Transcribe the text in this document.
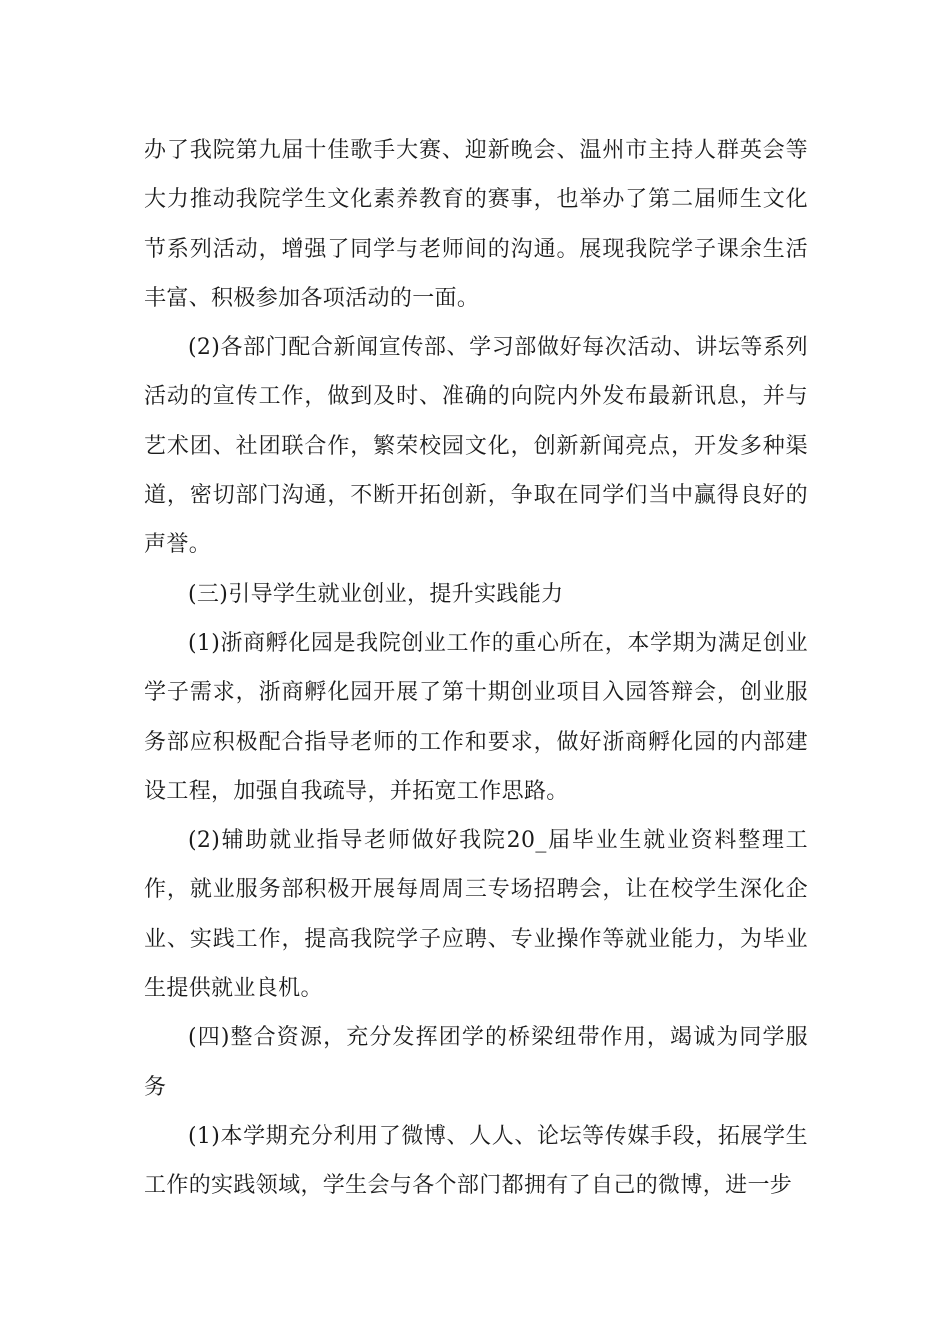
办了我院第九届十佳歌手大赛、迎新晚会、温州市主持人群英会等大力推动我院学生文化素养教育的赛事，也举办了第二届师生文化节系列活动，增强了同学与老师间的沟通。展现我院学子课余生活丰富、积极参加各项活动的一面。

(2)各部门配合新闻宣传部、学习部做好每次活动、讲坛等系列活动的宣传工作，做到及时、准确的向院内外发布最新讯息，并与艺术团、社团联合作，繁荣校园文化，创新新闻亮点，开发多种渠道，密切部门沟通，不断开拓创新，争取在同学们当中赢得良好的声誉。

(三)引导学生就业创业，提升实践能力

(1)浙商孵化园是我院创业工作的重心所在，本学期为满足创业学子需求，浙商孵化园开展了第十期创业项目入园答辩会，创业服务部应积极配合指导老师的工作和要求，做好浙商孵化园的内部建设工程，加强自我疏导，并拓宽工作思路。

(2)辅助就业指导老师做好我院20_届毕业生就业资料整理工作，就业服务部积极开展每周周三专场招聘会，让在校学生深化企业、实践工作，提高我院学子应聘、专业操作等就业能力，为毕业生提供就业良机。

(四)整合资源，充分发挥团学的桥梁纽带作用，竭诚为同学服务

(1)本学期充分利用了微博、人人、论坛等传媒手段，拓展学生工作的实践领域，学生会与各个部门都拥有了自己的微博，进一步
